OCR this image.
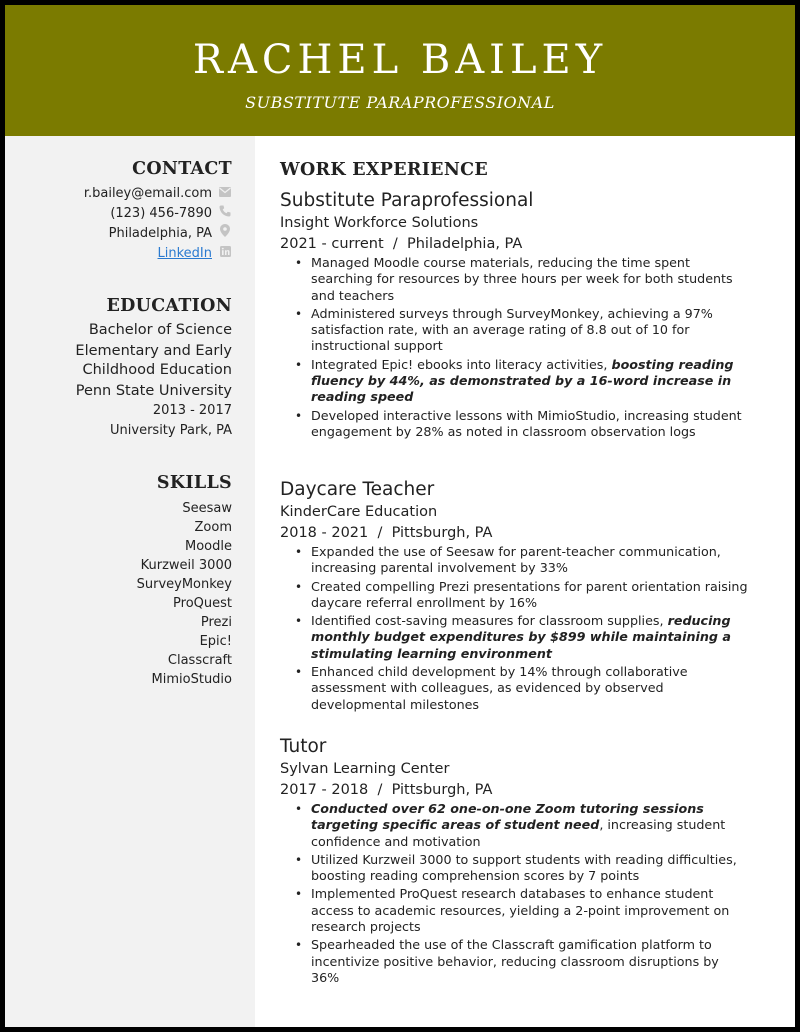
RACHEL BAILEY
SUBSTITUTE PARAPROFESSIONAL
CONTACT
r.bailey@email.com
(123) 456-7890
Philadelphia, PA
LinkedIn
EDUCATION
Bachelor of Science
Elementary and Early
Childhood Education
Penn State University
2013 - 2017
University Park, PA
SKILLS
Seesaw
Zoom
Moodle
Kurzweil 3000
SurveyMonkey
ProQuest
Prezi
Epic!
Classcraft
MimioStudio
WORK EXPERIENCE
Substitute Paraprofessional
Insight Workforce Solutions
2021 - current / Philadelphia, PA
• Managed Moodle course materials, reducing the time spent searching for resources by three hours per week for both students and teachers
• Administered surveys through SurveyMonkey, achieving a 97% satisfaction rate, with an average rating of 8.8 out of 10 for instructional support
• Integrated Epic! ebooks into literacy activities, boosting reading fluency by 44%, as demonstrated by a 16-word increase in reading speed
• Developed interactive lessons with MimioStudio, increasing student engagement by 28% as noted in classroom observation logs
Daycare Teacher
KinderCare Education
2018 - 2021 / Pittsburgh, PA
• Expanded the use of Seesaw for parent-teacher communication, increasing parental involvement by 33%
• Created compelling Prezi presentations for parent orientation raising daycare referral enrollment by 16%
• Identified cost-saving measures for classroom supplies, reducing monthly budget expenditures by $899 while maintaining a stimulating learning environment
• Enhanced child development by 14% through collaborative assessment with colleagues, as evidenced by observed developmental milestones
Tutor
Sylvan Learning Center
2017 - 2018 / Pittsburgh, PA
• Conducted over 62 one-on-one Zoom tutoring sessions targeting specific areas of student need, increasing student confidence and motivation
• Utilized Kurzweil 3000 to support students with reading difficulties, boosting reading comprehension scores by 7 points
• Implemented ProQuest research databases to enhance student access to academic resources, yielding a 2-point improvement on research projects
• Spearheaded the use of the Classcraft gamification platform to incentivize positive behavior, reducing classroom disruptions by 36%
